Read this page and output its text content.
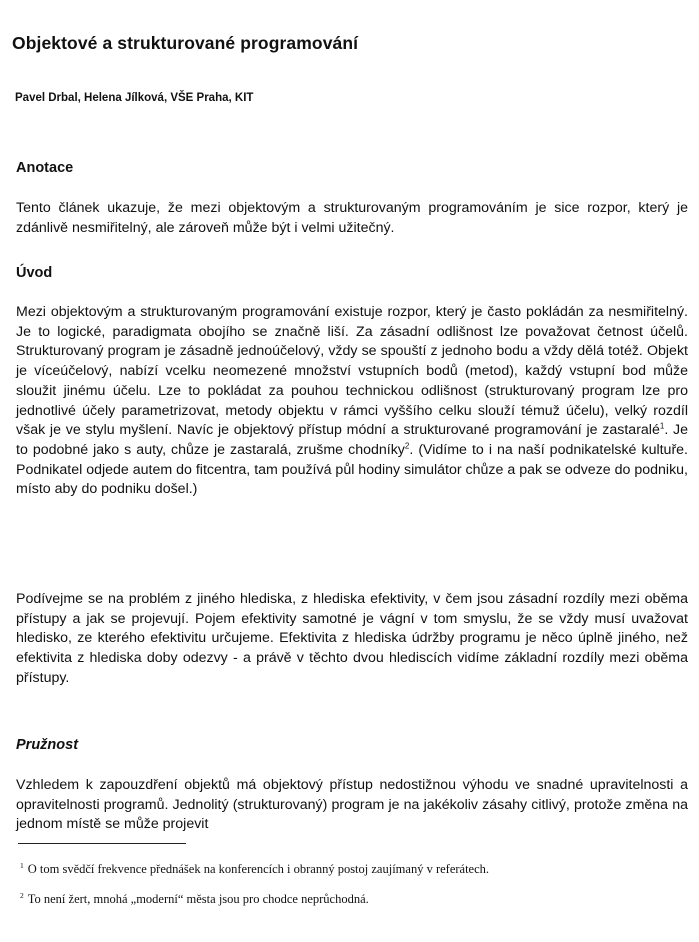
Objektové a strukturované programování
Pavel Drbal, Helena Jílková, VŠE Praha, KIT
Anotace
Tento článek ukazuje, že mezi objektovým a strukturovaným programováním je sice rozpor, který je zdánlivě nesmiřitelný, ale zároveň může být i velmi užitečný.
Úvod
Mezi objektovým a strukturovaným programování existuje rozpor, který je často pokládán za nesmiřitelný. Je to logické, paradigmata obojího se značně liší. Za zásadní odlišnost lze považovat četnost účelů. Strukturovaný program je zásadně jednoúčelový, vždy se spouští z jednoho bodu a vždy dělá totéž. Objekt je víceúčelový, nabízí vcelku neomezené množství vstupních bodů (metod), každý vstupní bod může sloužit jinému účelu. Lze to pokládat za pouhou technickou odlišnost (strukturovaný program lze pro jednotlivé účely parametrizovat, metody objektu v rámci vyššího celku slouží témuž účelu), velký rozdíl však je ve stylu myšlení. Navíc je objektový přístup módní a strukturované programování je zastaralé$^1$. Je to podobné jako s auty, chůze je zastaralá, zrušme chodníky$^2$. (Vidíme to i na naší podnikatelské kultuře. Podnikatel odjede autem do fitcentra, tam používá půl hodiny simulátor chůze a pak se odveze do podniku, místo aby do podniku došel.)
Podívejme se na problém z jiného hlediska, z hlediska efektivity, v čem jsou zásadní rozdíly mezi oběma přístupy a jak se projevují. Pojem efektivity samotné je vágní v tom smyslu, že se vždy musí uvažovat hledisko, ze kterého efektivitu určujeme. Efektivita z hlediska údržby programu je něco úplně jiného, než efektivita z hlediska doby odezvy - a právě v těchto dvou hlediscích vidíme základní rozdíly mezi oběma přístupy.
Pružnost
Vzhledem k zapouzdření objektů má objektový přístup nedostižnou výhodu ve snadné upravitelnosti a opravitelnosti programů. Jednolitý (strukturovaný) program je na jakékoliv zásahy citlivý, protože změna na jednom místě se může projevit
$^1$ O tom svědčí frekvence přednášek na konferencích i obranný postoj zaujímaný v referátech.
$^2$ To není žert, mnohá „moderní“ města jsou pro chodce neprůchodná.
